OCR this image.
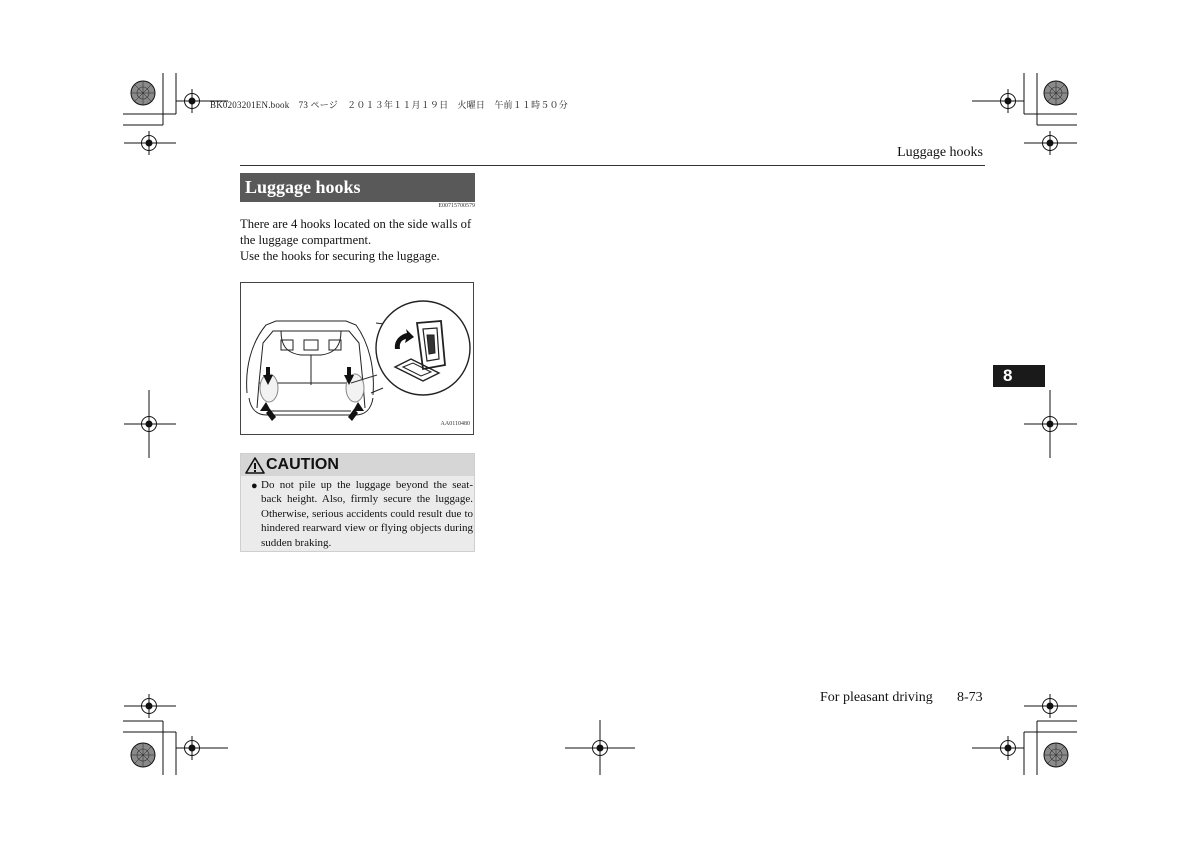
BK0203201EN.book　73 ページ　２０１３年１１月１９日　火曜日　午前１１時５０分
Luggage hooks
Luggage hooks
E00715700579

There are 4 hooks located on the side walls of the luggage compartment.

Use the hooks for securing the luggage.

AA0110480
CAUTION
● Do not pile up the luggage beyond the seat-back height. Also, firmly secure the luggage. Otherwise, serious accidents could result due to hindered rearward view or flying objects during sudden braking.
8
For pleasant driving 8-73
